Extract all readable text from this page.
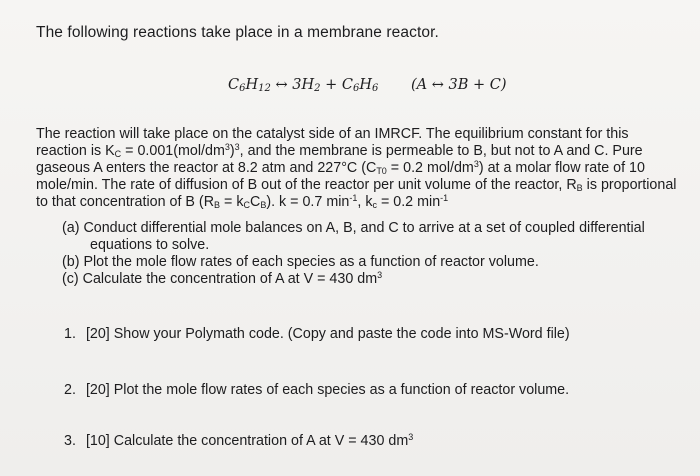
The following reactions take place in a membrane reactor.
$C_6H_{12}$ ↔ $3H_2 + C_6H_6$ (A ↔ 3B + C)
The reaction will take place on the catalyst side of an IMRCF. The equilibrium constant for this
reaction is $K_C = 0.001(mol/dm^3)^3$, and the membrane is permeable to B, but not to A and C. Pure
gaseous A enters the reactor at 8.2 atm and 227°C ($C_{T0} = 0.2$ mol/$dm^3$) at a molar flow rate of 10
mole/min. The rate of diffusion of B out of the reactor per unit volume of the reactor, $R_B$ is proportional
to that concentration of B $(R_B = k_CC_B)$. k = 0.7 $\min^{-1}$, $k_c = 0.2$ $\min^{-1}$
(a) Conduct differential mole balances on A, B, and C to arrive at a set of coupled differential
equations to solve.
(b) Plot the mole flow rates of each species as a function of reactor volume.
(c) Calculate the concentration of A at V = 430 $dm^3$
1. [20] Show your Polymath code. (Copy and paste the code into MS-Word file)
2. [20] Plot the mole flow rates of each species as a function of reactor volume.
3. [10] Calculate the concentration of A at V = 430 $dm^3$
